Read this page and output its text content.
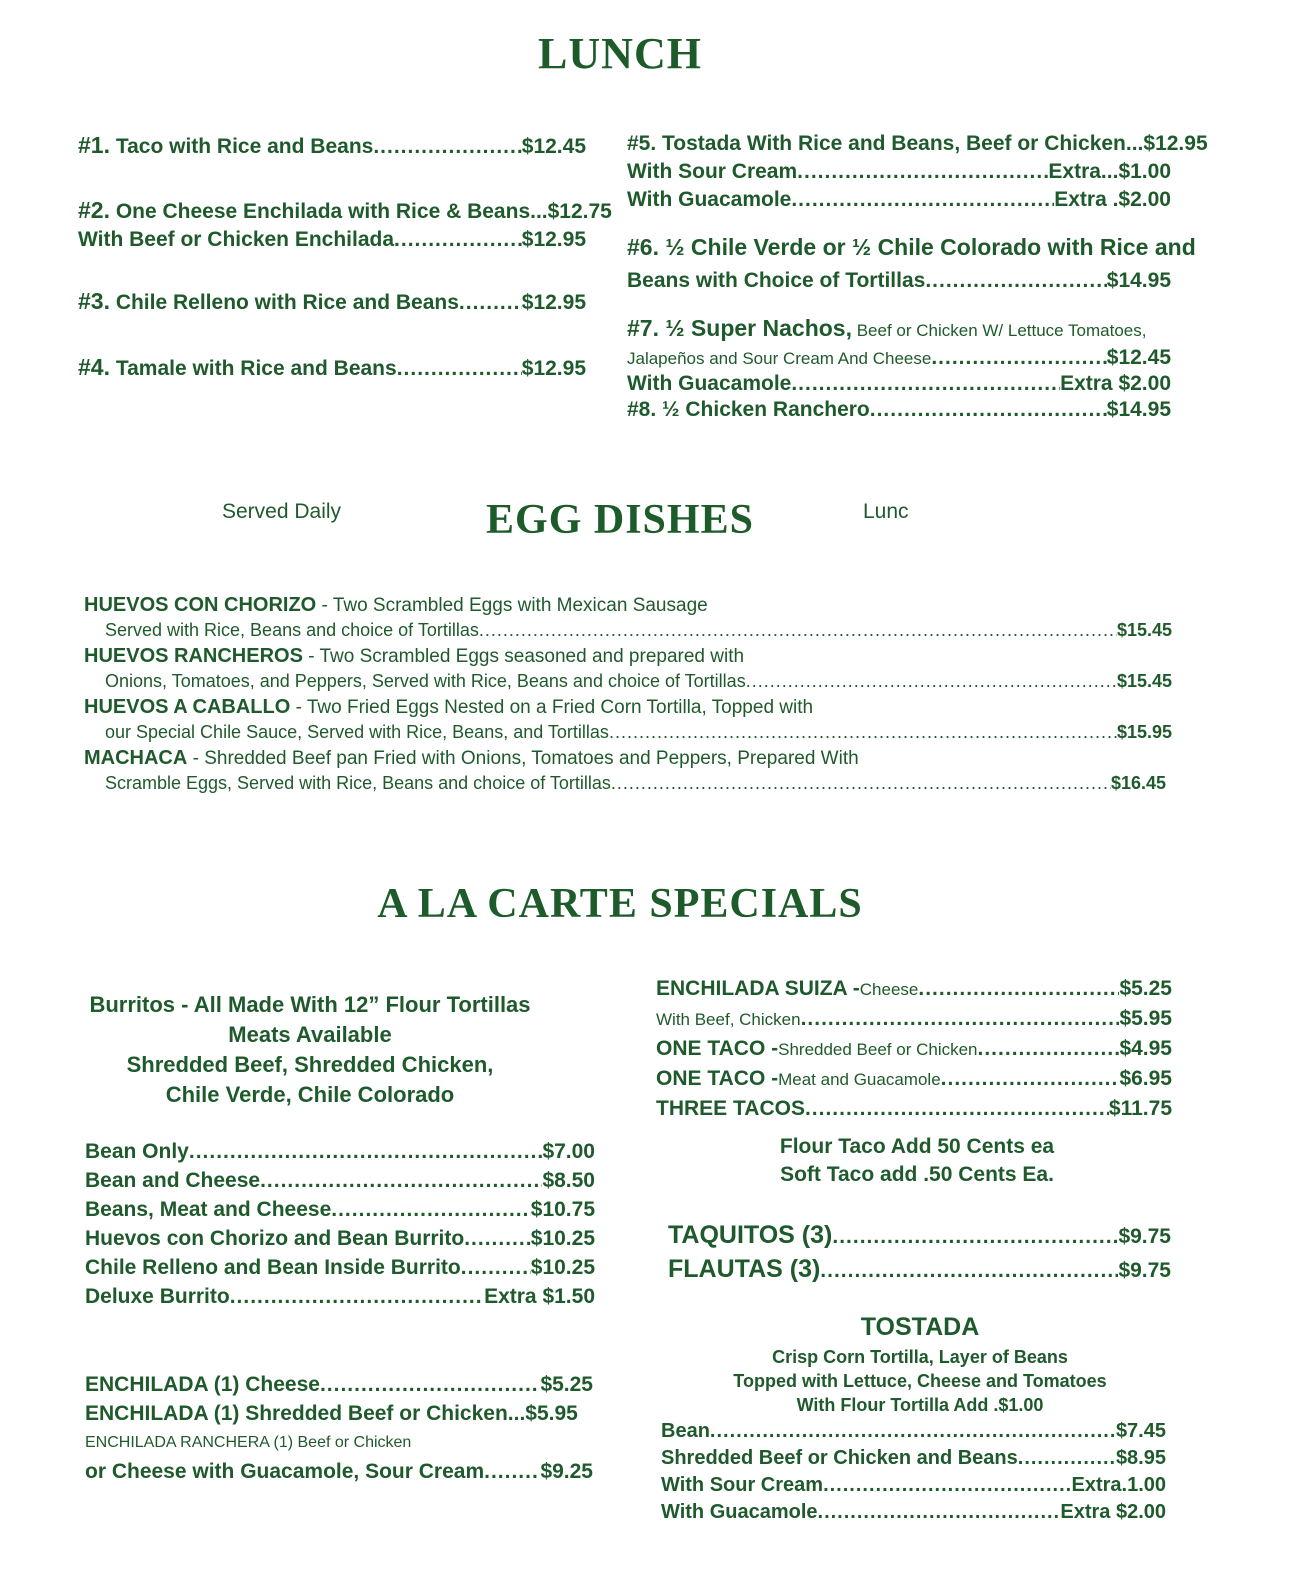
LUNCH
#1. Taco with Rice and Beans .....	$12.45
#2. One Cheese Enchilada with Rice & Beans ...$12.75
With Beef or Chicken Enchilada .....	$12.95
#3. Chile Relleno with Rice and Beans .....	$12.95
#4. Tamale with Rice and Beans .....	$12.95
#5. Tostada With Rice and Beans, Beef or Chicken ...$12.95
With Sour Cream .....	Extra...$1.00
With Guacamole .....	Extra .$2.00
#6. ½ Chile Verde or ½ Chile Colorado with Rice and
Beans with Choice of Tortillas .....	$14.95
#7. ½ Super Nachos, Beef or Chicken W/ Lettuce Tomatoes,
Jalapeños and Sour Cream And Cheese .....	$12.45
With Guacamole .....	Extra $2.00
#8. ½ Chicken Ranchero .....	$14.95
Served Daily	EGG DISHES	Lunc
HUEVOS CON CHORIZO - Two Scrambled Eggs with Mexican Sausage
Served with Rice, Beans and choice of Tortillas .....	$15.45
HUEVOS RANCHEROS - Two Scrambled Eggs seasoned and prepared with
Onions, Tomatoes, and Peppers, Served with Rice, Beans and choice of Tortillas .....	$15.45
HUEVOS A CABALLO - Two Fried Eggs Nested on a Fried Corn Tortilla, Topped with
our Special Chile Sauce, Served with Rice, Beans, and Tortillas .....	$15.95
MACHACA - Shredded Beef pan Fried with Onions, Tomatoes and Peppers, Prepared With
Scramble Eggs, Served with Rice, Beans and choice of Tortillas .....	$16.45
A LA CARTE SPECIALS
Burritos - All Made With 12” Flour Tortillas
Meats Available
Shredded Beef, Shredded Chicken,
Chile Verde, Chile Colorado
Bean Only .....	$7.00
Bean and Cheese .....	$8.50
Beans, Meat and Cheese .....	$10.75
Huevos con Chorizo and Bean Burrito .....	$10.25
Chile Relleno and Bean Inside Burrito .....	$10.25
Deluxe Burrito .....	Extra $1.50
ENCHILADA (1) Cheese .....	$5.25
ENCHILADA (1) Shredded Beef or Chicken ...$5.95
ENCHILADA RANCHERA (1) Beef or Chicken
or Cheese with Guacamole, Sour Cream .....	$9.25
ENCHILADA SUIZA - Cheese .....	$5.25
With Beef, Chicken .....	$5.95
ONE TACO - Shredded Beef or Chicken .....	$4.95
ONE TACO - Meat and Guacamole .....	$6.95
THREE TACOS .....	$11.75
Flour Taco Add 50 Cents ea
Soft Taco add .50 Cents Ea.
TAQUITOS (3) .....	$9.75
FLAUTAS (3) .....	$9.75
TOSTADA
Crisp Corn Tortilla, Layer of Beans
Topped with Lettuce, Cheese and Tomatoes
With Flour Tortilla Add .$1.00
Bean .....	$7.45
Shredded Beef or Chicken and Beans .....	$8.95
With Sour Cream .....	Extra.1.00
With Guacamole .....	Extra $2.00
